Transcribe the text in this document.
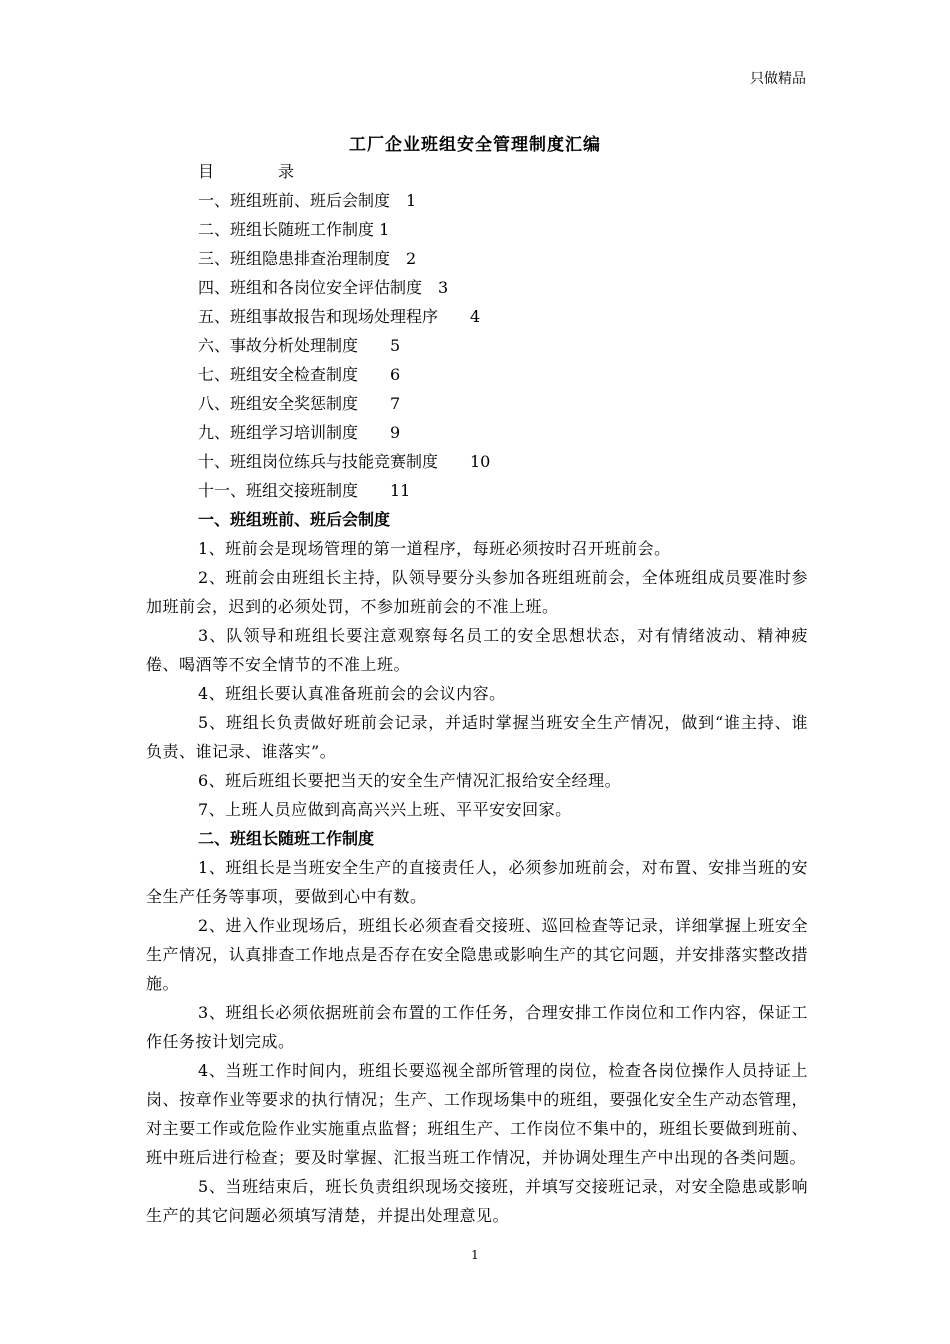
只做精品
工厂企业班组安全管理制度汇编
目　录
一、班组班前、班后会制度　1
二、班组长随班工作制度 1
三、班组隐患排查治理制度　2
四、班组和各岗位安全评估制度　3
五、班组事故报告和现场处理程序　　4
六、事故分析处理制度　　5
七、班组安全检查制度　　6
八、班组安全奖惩制度　　7
九、班组学习培训制度　　9
十、班组岗位练兵与技能竞赛制度　　10
十一、班组交接班制度　　11
一、班组班前、班后会制度
1、班前会是现场管理的第一道程序，每班必须按时召开班前会。
2、班前会由班组长主持，队领导要分头参加各班组班前会，全体班组成员要准时参加班前会，迟到的必须处罚，不参加班前会的不准上班。
3、队领导和班组长要注意观察每名员工的安全思想状态，对有情绪波动、精神疲倦、喝酒等不安全情节的不准上班。
4、班组长要认真准备班前会的会议内容。
5、班组长负责做好班前会记录，并适时掌握当班安全生产情况，做到“谁主持、谁负责、谁记录、谁落实”。
6、班后班组长要把当天的安全生产情况汇报给安全经理。
7、上班人员应做到高高兴兴上班、平平安安回家。
二、班组长随班工作制度
1、班组长是当班安全生产的直接责任人，必须参加班前会，对布置、安排当班的安全生产任务等事项，要做到心中有数。
2、进入作业现场后，班组长必须查看交接班、巡回检查等记录，详细掌握上班安全生产情况，认真排查工作地点是否存在安全隐患或影响生产的其它问题，并安排落实整改措施。
3、班组长必须依据班前会布置的工作任务，合理安排工作岗位和工作内容，保证工作任务按计划完成。
4、当班工作时间内，班组长要巡视全部所管理的岗位，检查各岗位操作人员持证上岗、按章作业等要求的执行情况；生产、工作现场集中的班组，要强化安全生产动态管理，对主要工作或危险作业实施重点监督；班组生产、工作岗位不集中的，班组长要做到班前、班中班后进行检查；要及时掌握、汇报当班工作情况，并协调处理生产中出现的各类问题。
5、当班结束后，班长负责组织现场交接班，并填写交接班记录，对安全隐患或影响生产的其它问题必须填写清楚，并提出处理意见。
1
